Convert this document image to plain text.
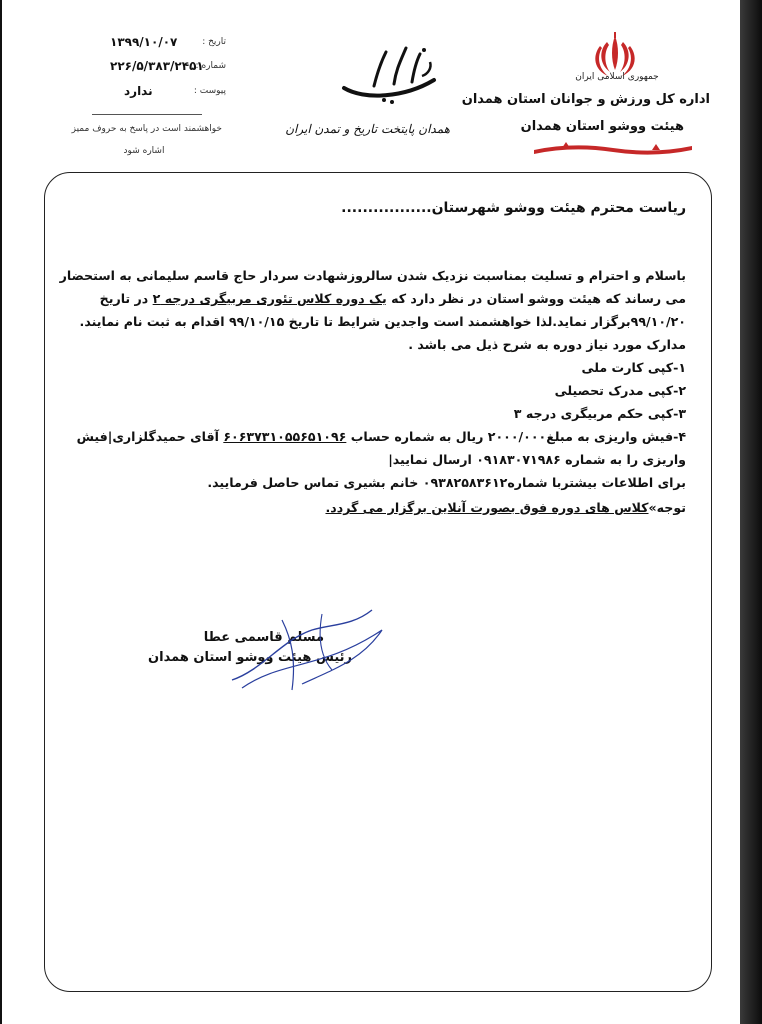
جمهوری اسلامی ایران
اداره کل ورزش و جوانان استان همدان
هیئت ووشو استان همدان
همدان پایتخت تاریخ و تمدن ایران
تاریخ :
۱۳۹۹/۱۰/۰۷
شماره :
۲۲۶/۵/۳۸۳/۲۴۵۱
پیوست :
ندارد
خواهشمند است در پاسخ به حروف ممیز
اشاره شود
ریاست محترم هیئت ووشو شهرستان.................

باسلام و احترام و تسلیت بمناسبت نزدیک شدن سالروزشهادت سردار حاج قاسم سلیمانی به استحضار

می رساند که هیئت ووشو استان در نظر دارد که یک دوره کلاس تئوری مربیگری درجه ۲ در تاریخ

۹۹/۱۰/۲۰برگزار نماید.لذا خواهشمند است واجدین شرایط تا تاریخ ۹۹/۱۰/۱۵ اقدام به ثبت نام نمایند.

مدارک مورد نیاز دوره به شرح ذیل می باشد .

۱-کپی کارت ملی

۲-کپی مدرک تحصیلی

۳-کپی حکم مربیگری درجه ۳

۴-فیش واریزی به مبلغ۲۰۰۰/۰۰۰ ریال به شماره حساب ۶۰۶۳۷۳۱۰۵۵۶۵۱۰۹۶ آقای حمیدگلزاری|فیش

واریزی را به شماره ۰۹۱۸۳۰۷۱۹۸۶ ارسال نمایید|

برای اطلاعات بیشتربا شماره۰۹۳۸۲۵۸۳۶۱۲ خانم بشیری تماس حاصل فرمایید.

توجه»کلاس های دوره فوق بصورت آنلاین برگزار می گردد.
مسلم قاسمی عطا
رئیس هیئت ووشو استان همدان
